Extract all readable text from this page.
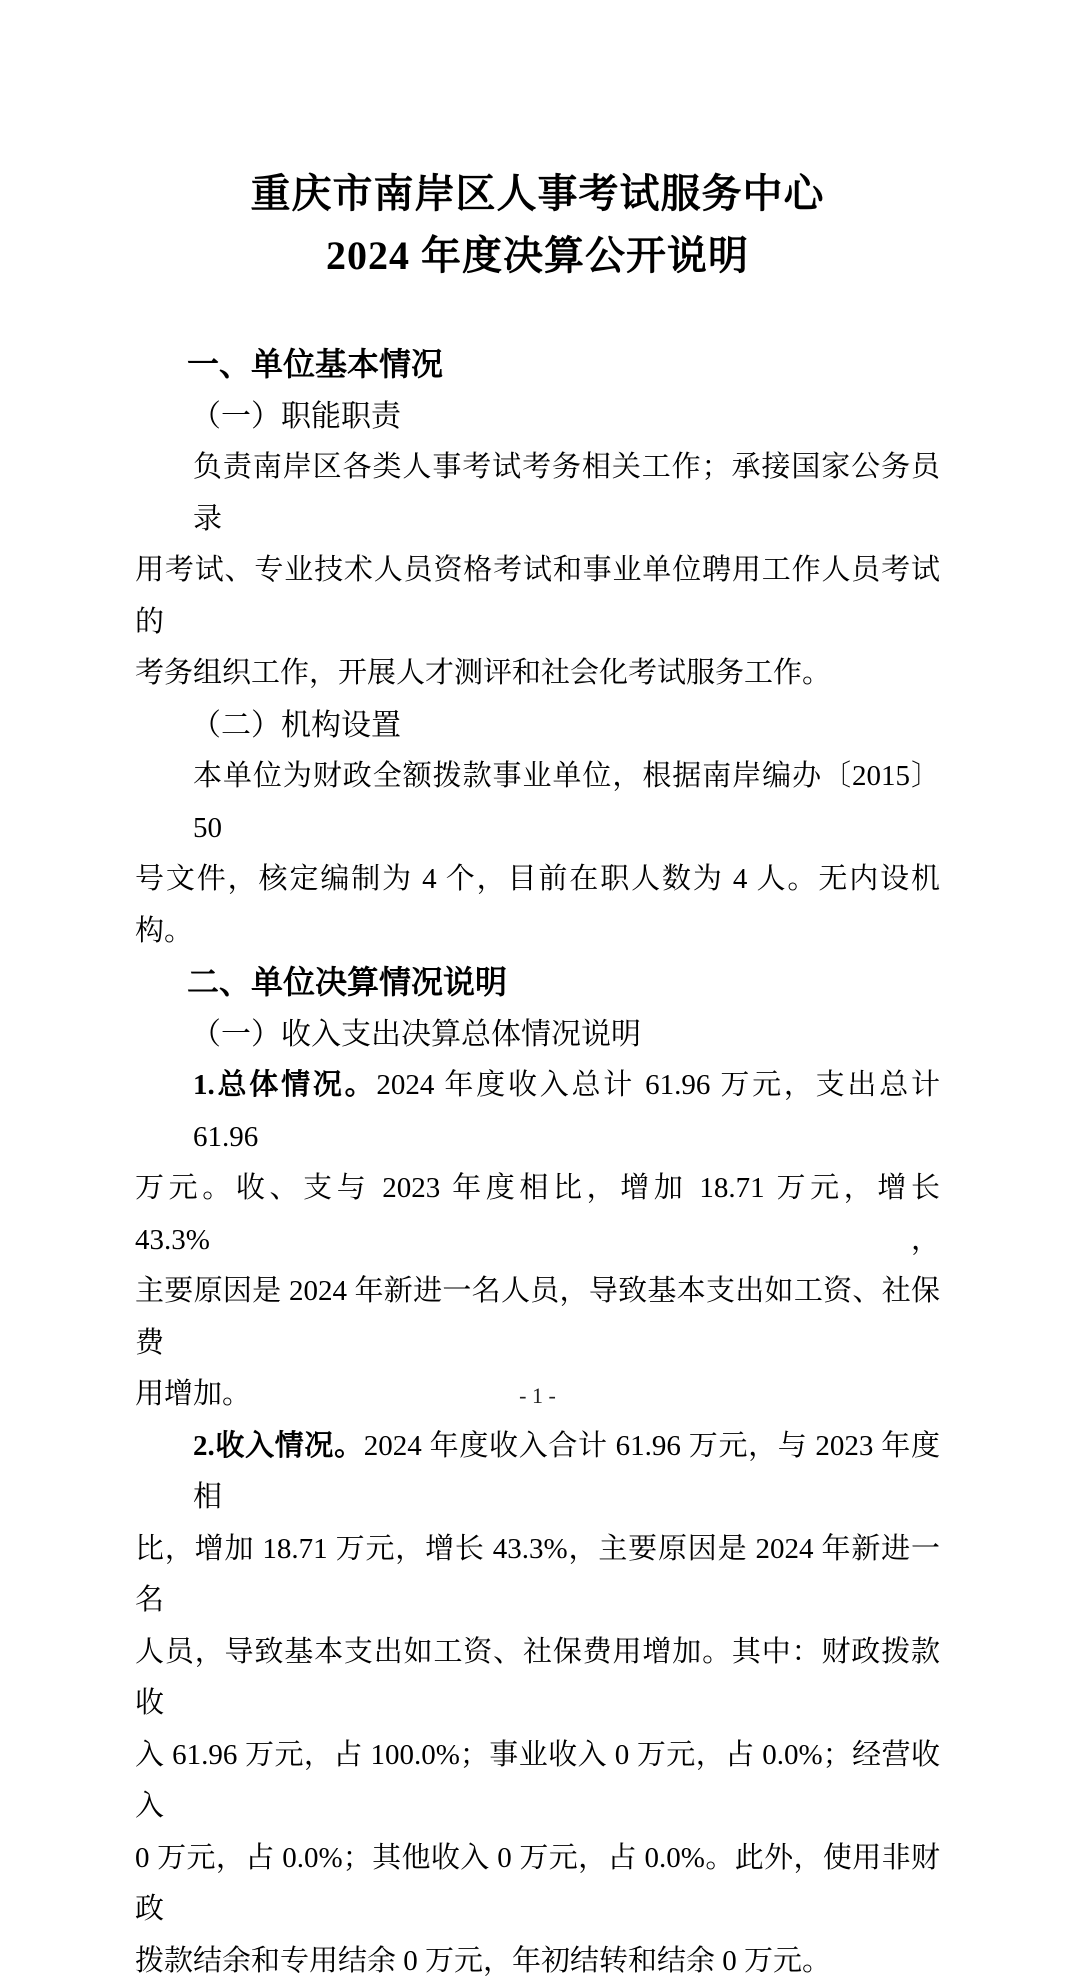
重庆市南岸区人事考试服务中心
2024 年度决算公开说明
一、单位基本情况
（一）职能职责
负责南岸区各类人事考试考务相关工作；承接国家公务员录
用考试、专业技术人员资格考试和事业单位聘用工作人员考试的
考务组织工作，开展人才测评和社会化考试服务工作。
（二）机构设置
本单位为财政全额拨款事业单位，根据南岸编办〔2015〕50
号文件，核定编制为 4 个，目前在职人数为 4 人。无内设机构。
二、单位决算情况说明
（一）收入支出决算总体情况说明
1.总体情况。2024 年度收入总计 61.96 万元，支出总计 61.96
万元。收、支与 2023 年度相比，增加 18.71 万元，增长 43.3%，
主要原因是 2024 年新进一名人员，导致基本支出如工资、社保费
用增加。
2.收入情况。2024 年度收入合计 61.96 万元，与 2023 年度相
比，增加 18.71 万元，增长 43.3%，主要原因是 2024 年新进一名
人员，导致基本支出如工资、社保费用增加。其中：财政拨款收
入 61.96 万元，占 100.0%；事业收入 0 万元，占 0.0%；经营收入
0 万元，占 0.0%；其他收入 0 万元，占 0.0%。此外，使用非财政
拨款结余和专用结余 0 万元，年初结转和结余 0 万元。
- 1 -
